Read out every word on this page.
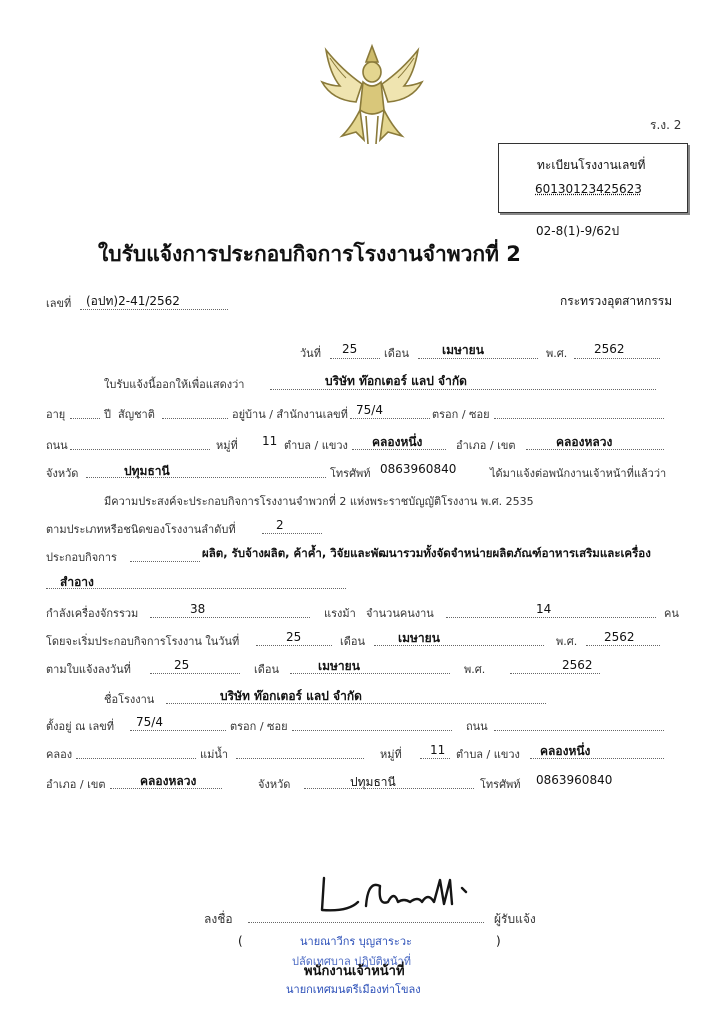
ร.ง. 2
ทะเบียนโรงงานเลขที่
60130123425623
02-8(1)-9/62ป
ใบรับแจ้งการประกอบกิจการโรงงานจำพวกที่ 2
เลขที่ (อปท)2-41/2562	กระทรวงอุตสาหกรรม
วันที่ 25 เดือน	เมษายน	พ.ศ. 2562
ใบรับแจ้งนี้ออกให้เพื่อแสดงว่า	บริษัท ท๊อกเตอร์ แลป จำกัด
อายุ	ปี สัญชาติ	อยู่บ้าน / สำนักงานเลขที่ 75/4	ตรอก / ซอย
ถนน	หมู่ที่ 11 ตำบล / แขวง คลองหนึ่ง	อำเภอ / เขต	คลองหลวง
จังหวัด	ปทุมธานี	โทรศัพท์ 0863960840	ได้มาแจ้งต่อพนักงานเจ้าหน้าที่แล้วว่า
มีความประสงค์จะประกอบกิจการโรงงานจำพวกที่ 2 แห่งพระราชบัญญัติโรงงาน พ.ศ. 2535
ตามประเภทหรือชนิดของโรงงานลำดับที่	2
ประกอบกิจการ	ผลิต, รับจ้างผลิต, ค้าค้ำ, วิจัยและพัฒนารวมทั้งจัดจำหน่ายผลิตภัณฑ์อาหารเสริมและเครื่อง
สำอาง
กำลังเครื่องจักรรวม	38	แรงม้า จำนวนคนงาน	14	คน
โดยจะเริ่มประกอบกิจการโรงงาน ในวันที่	25	เดือน	เมษายน	พ.ศ. 2562
ตามใบแจ้งลงวันที่	25	เดือน	เมษายน	พ.ศ.	2562
ชื่อโรงงาน	บริษัท ท๊อกเตอร์ แลป จำกัด
ตั้งอยู่ ณ เลขที่ 75/4	ตรอก / ซอย	ถนน
คลอง	แม่น้ำ	หมู่ที่ 11 ตำบล / แขวง คลองหนึ่ง
อำเภอ / เขต	คลองหลวง	จังหวัด	ปทุมธานี	โทรศัพท์ 0863960840
ลงชื่อ	ผู้รับแจ้ง
(	)
นายณาวีกร บุญสาระวะ
ปลัดเทศบาล ปฏิบัติหน้าที่
พนักงานเจ้าหน้าที่
นายกเทศมนตรีเมืองท่าโขลง
